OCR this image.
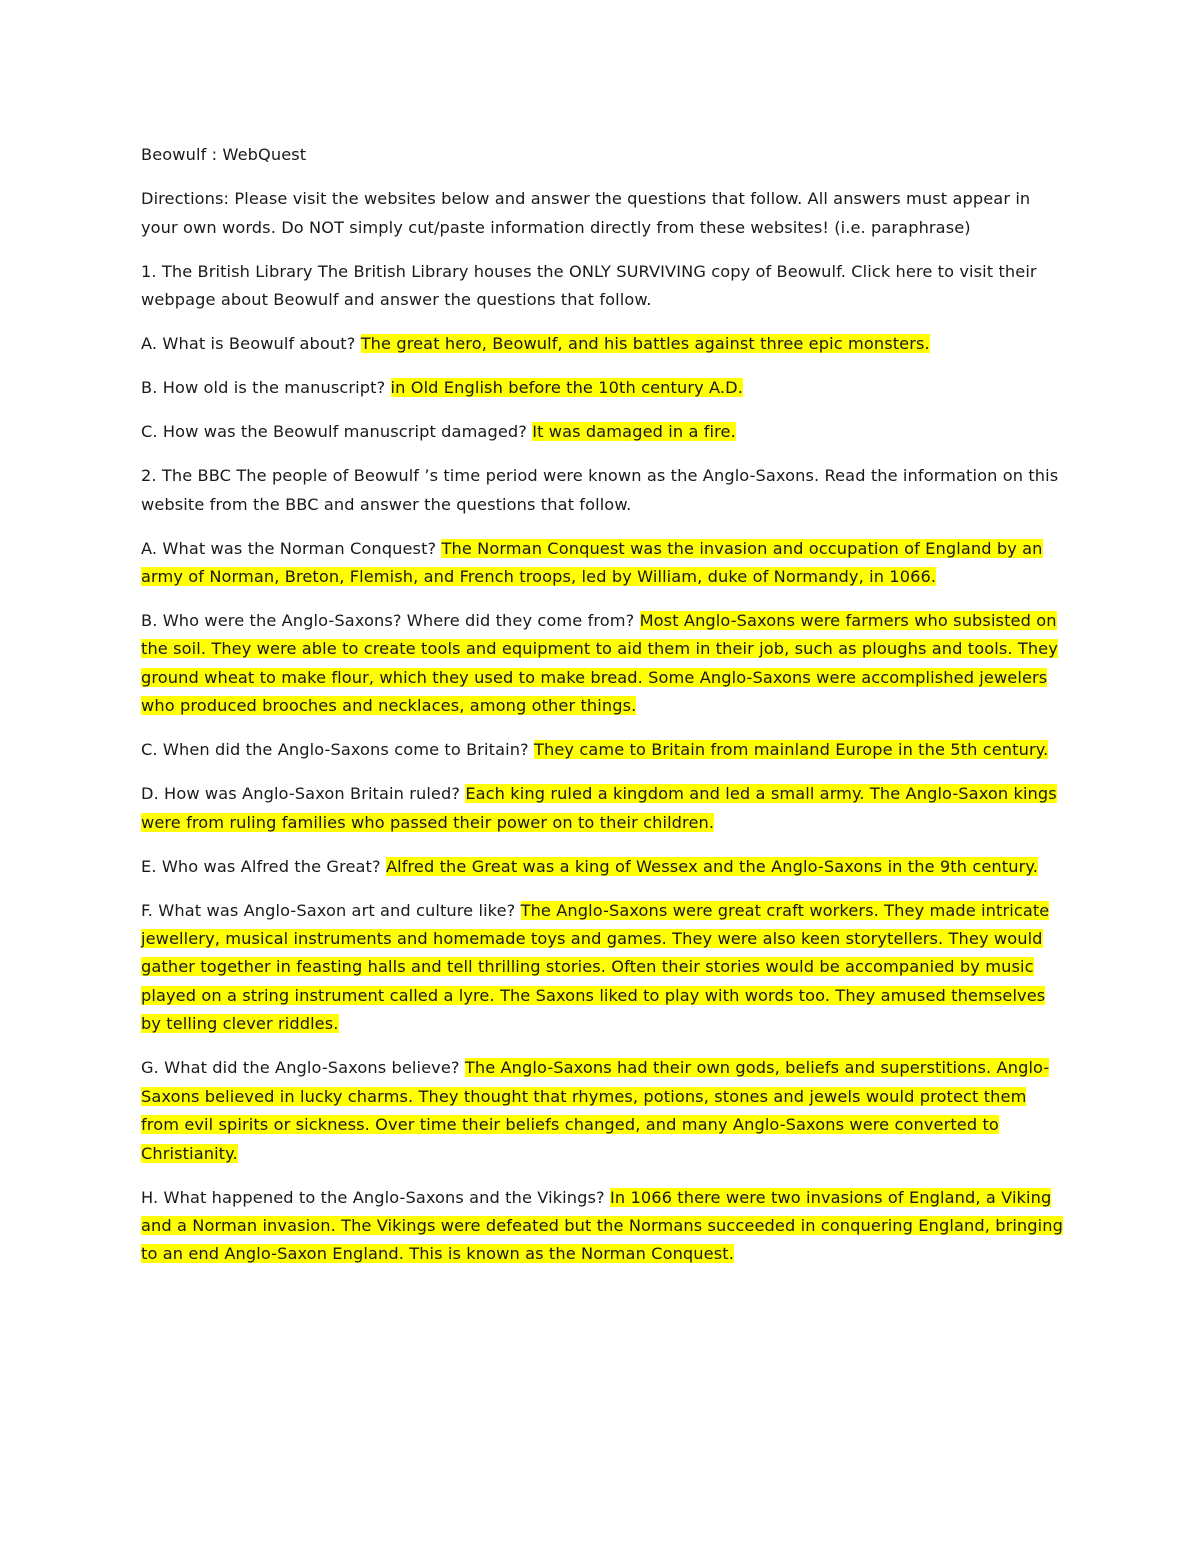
Beowulf : WebQuest

Directions: Please visit the websites below and answer the questions that follow. All answers must appear in your own words. Do NOT simply cut/paste information directly from these websites! (i.e. paraphrase)

1. The British Library The British Library houses the ONLY SURVIVING copy of Beowulf. Click here to visit their webpage about Beowulf and answer the questions that follow.

A. What is Beowulf about? The great hero, Beowulf, and his battles against three epic monsters.

B. How old is the manuscript? in Old English before the 10th century A.D.

C. How was the Beowulf manuscript damaged? It was damaged in a fire.

2. The BBC The people of Beowulf ’s time period were known as the Anglo-Saxons. Read the information on this website from the BBC and answer the questions that follow.

A. What was the Norman Conquest? The Norman Conquest was the invasion and occupation of England by an army of Norman, Breton, Flemish, and French troops, led by William, duke of Normandy, in 1066.

B. Who were the Anglo-Saxons? Where did they come from? Most Anglo-Saxons were farmers who subsisted on the soil. They were able to create tools and equipment to aid them in their job, such as ploughs and tools. They ground wheat to make flour, which they used to make bread. Some Anglo-Saxons were accomplished jewelers who produced brooches and necklaces, among other things.

C. When did the Anglo-Saxons come to Britain? They came to Britain from mainland Europe in the 5th century.

D. How was Anglo-Saxon Britain ruled? Each king ruled a kingdom and led a small army. The Anglo-Saxon kings were from ruling families who passed their power on to their children.

E. Who was Alfred the Great? Alfred the Great was a king of Wessex and the Anglo-Saxons in the 9th century.

F. What was Anglo-Saxon art and culture like? The Anglo-Saxons were great craft workers. They made intricate jewellery, musical instruments and homemade toys and games. They were also keen storytellers. They would gather together in feasting halls and tell thrilling stories. Often their stories would be accompanied by music played on a string instrument called a lyre. The Saxons liked to play with words too. They amused themselves by telling clever riddles.

G. What did the Anglo-Saxons believe? The Anglo-Saxons had their own gods, beliefs and superstitions. Anglo-Saxons believed in lucky charms. They thought that rhymes, potions, stones and jewels would protect them from evil spirits or sickness. Over time their beliefs changed, and many Anglo-Saxons were converted to Christianity.

H. What happened to the Anglo-Saxons and the Vikings? In 1066 there were two invasions of England, a Viking and a Norman invasion. The Vikings were defeated but the Normans succeeded in conquering England, bringing to an end Anglo-Saxon England. This is known as the Norman Conquest.
